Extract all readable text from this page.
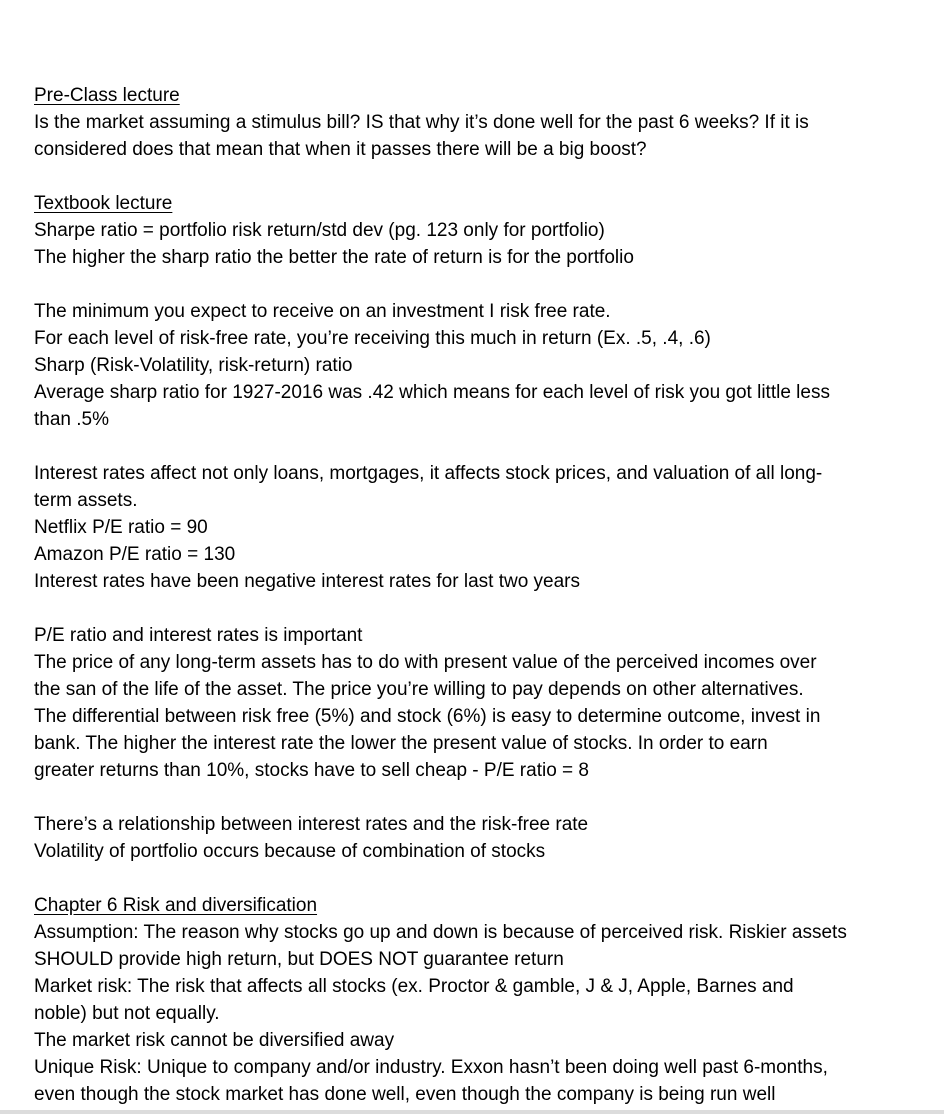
Pre-Class lecture
Is the market assuming a stimulus bill? IS that why it’s done well for the past 6 weeks? If it is
considered does that mean that when it passes there will be a big boost?
Textbook lecture
Sharpe ratio = portfolio risk return/std dev (pg. 123 only for portfolio)
The higher the sharp ratio the better the rate of return is for the portfolio
The minimum you expect to receive on an investment I risk free rate.
For each level of risk-free rate, you’re receiving this much in return (Ex. .5, .4, .6)
Sharp (Risk-Volatility, risk-return) ratio
Average sharp ratio for 1927-2016 was .42 which means for each level of risk you got little less
than .5%
Interest rates affect not only loans, mortgages, it affects stock prices, and valuation of all long-
term assets.
Netflix P/E ratio = 90
Amazon P/E ratio = 130
Interest rates have been negative interest rates for last two years
P/E ratio and interest rates is important
The price of any long-term assets has to do with present value of the perceived incomes over
the san of the life of the asset. The price you’re willing to pay depends on other alternatives.
The differential between risk free (5%) and stock (6%) is easy to determine outcome, invest in
bank. The higher the interest rate the lower the present value of stocks. In order to earn
greater returns than 10%, stocks have to sell cheap - P/E ratio = 8
There’s a relationship between interest rates and the risk-free rate
Volatility of portfolio occurs because of combination of stocks
Chapter 6 Risk and diversification
Assumption: The reason why stocks go up and down is because of perceived risk. Riskier assets
SHOULD provide high return, but DOES NOT guarantee return
Market risk: The risk that affects all stocks (ex. Proctor & gamble, J & J, Apple, Barnes and
noble) but not equally.
The market risk cannot be diversified away
Unique Risk: Unique to company and/or industry. Exxon hasn’t been doing well past 6-months,
even though the stock market has done well, even though the company is being run well
